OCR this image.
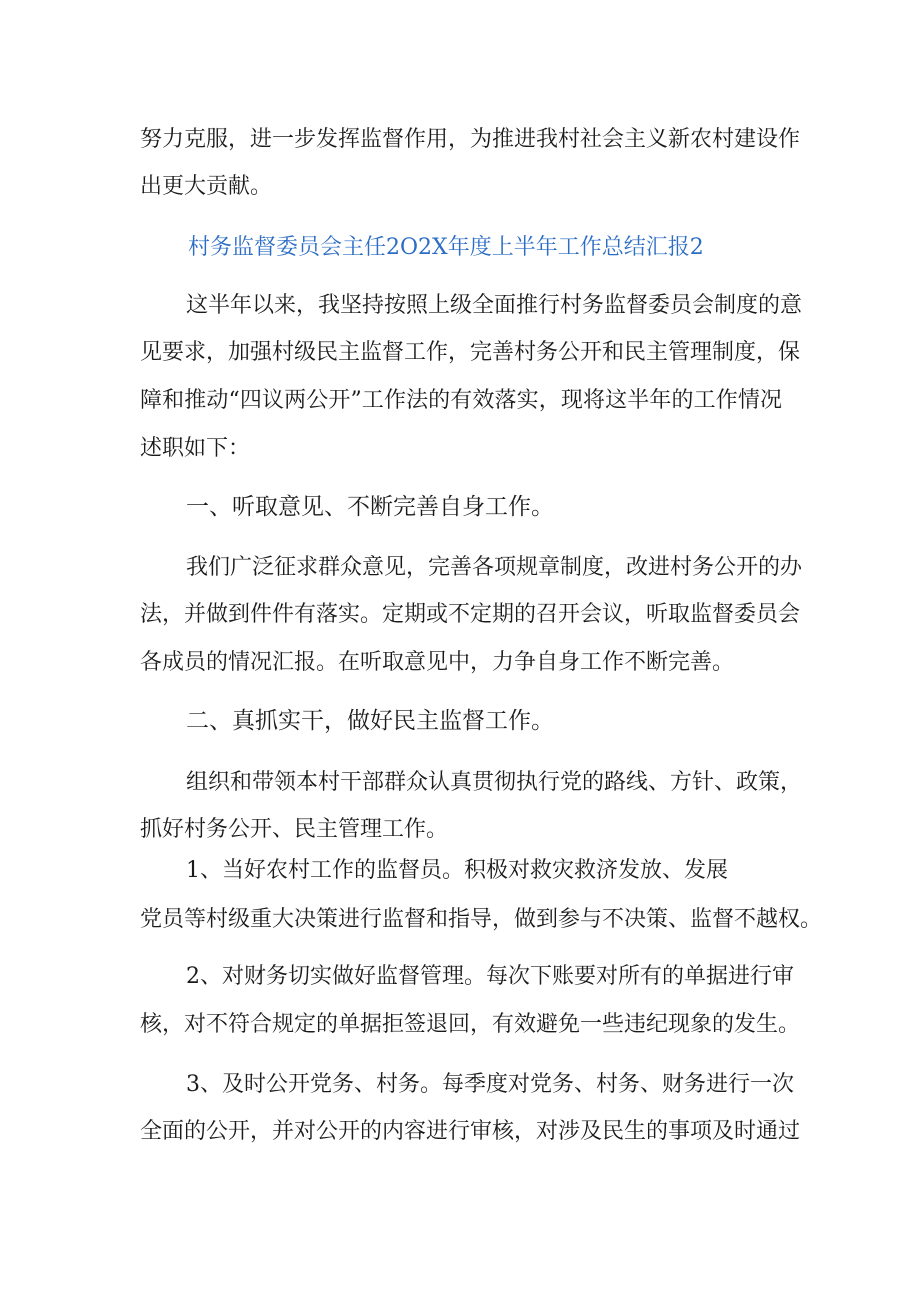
努力克服，进一步发挥监督作用，为推进我村社会主义新农村建设作
出更大贡献。
村务监督委员会主任2O2X年度上半年工作总结汇报2
这半年以来，我坚持按照上级全面推行村务监督委员会制度的意
见要求，加强村级民主监督工作，完善村务公开和民主管理制度，保
障和推动“四议两公开”工作法的有效落实，现将这半年的工作情况
述职如下：
一、听取意见、不断完善自身工作。
我们广泛征求群众意见，完善各项规章制度，改进村务公开的办
法，并做到件件有落实。定期或不定期的召开会议，听取监督委员会
各成员的情况汇报。在听取意见中，力争自身工作不断完善。
二、真抓实干，做好民主监督工作。
组织和带领本村干部群众认真贯彻执行党的路线、方针、政策，
抓好村务公开、民主管理工作。
1、当好农村工作的监督员。积极对救灾救济发放、发展
党员等村级重大决策进行监督和指导，做到参与不决策、监督不越权。
2、对财务切实做好监督管理。每次下账要对所有的单据进行审
核，对不符合规定的单据拒签退回，有效避免一些违纪现象的发生。
3、及时公开党务、村务。每季度对党务、村务、财务进行一次
全面的公开，并对公开的内容进行审核，对涉及民生的事项及时通过
